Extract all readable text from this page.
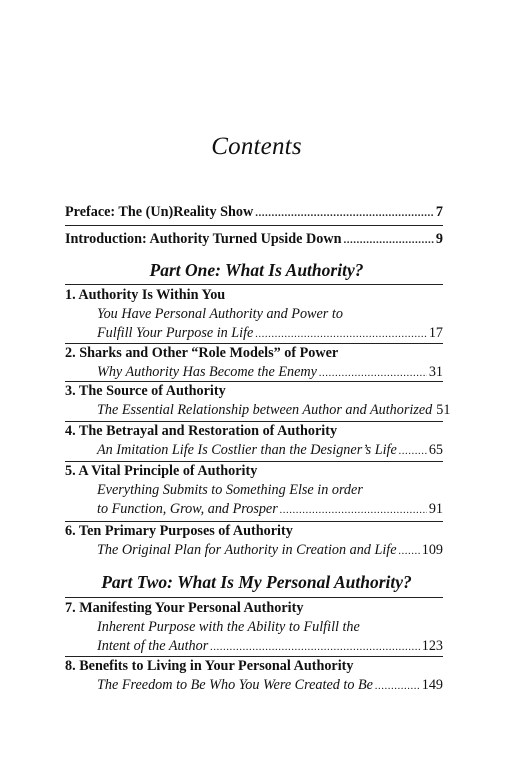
Contents
Preface: The (Un)Reality Show .....	7
Introduction: Authority Turned Upside Down .....	9
Part One: What Is Authority?
1. Authority Is Within You
You Have Personal Authority and Power to
Fulfill Your Purpose in Life .....	17
2. Sharks and Other “Role Models” of Power
Why Authority Has Become the Enemy .....	31
3. The Source of Authority
The Essential Relationship between Author and Authorized 51
4. The Betrayal and Restoration of Authority
An Imitation Life Is Costlier than the Designer’s Life ..... 65
5. A Vital Principle of Authority
Everything Submits to Something Else in order
to Function, Grow, and Prosper .....	91
6. Ten Primary Purposes of Authority
The Original Plan for Authority in Creation and Life ..... 109
Part Two: What Is My Personal Authority?
7. Manifesting Your Personal Authority
Inherent Purpose with the Ability to Fulfill the
Intent of the Author .....	123
8. Benefits to Living in Your Personal Authority
The Freedom to Be Who You Were Created to Be .....	149
